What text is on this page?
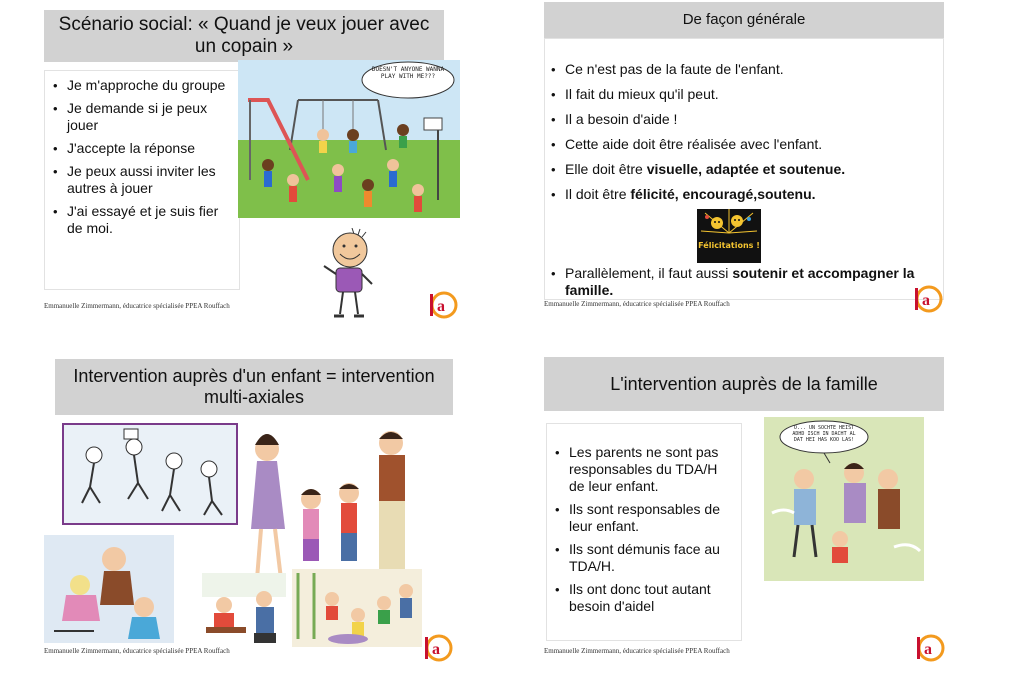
Scénario social: « Quand je veux jouer avec un copain »
• Je m'approche du groupe
• Je demande si je peux jouer
• J'accepte la réponse
• Je peux aussi inviter les autres à jouer
• J'ai essayé et je suis fier de moi.
DOESN'T ANYONE WANNA PLAY WITH ME???
Emmanuelle Zimmermann, éducatrice spécialisée PPEA Rouffach	a
De façon générale
• Ce n'est pas de la faute de l'enfant.
• Il fait du mieux qu'il peut.
• Il a besoin d'aide !
• Cette aide doit être réalisée avec l'enfant.
• Elle doit être visuelle, adaptée et soutenue.
• Il doit être félicité, encouragé,soutenu.
Félicitations !
• Parallèlement, il faut aussi soutenir et accompagner la famille.
Emmanuelle Zimmermann, éducatrice spécialisée PPEA Rouffach	a
Intervention auprès d'un enfant = intervention multi-axiales
Emmanuelle Zimmermann, éducatrice spécialisée PPEA Rouffach	a
L'intervention auprès de la famille
• Les parents ne sont pas responsables du TDA/H de leur enfant.
• Ils sont responsables de leur enfant.
• Ils sont démunis face au TDA/H.
• Ils ont donc tout autant besoin d'aidel
O... UN SOCHTE HEIST ADHD ISCH IN DACHT AL DAT HEI HAS KOO LAS!
Emmanuelle Zimmermann, éducatrice spécialisée PPEA Rouffach	a
